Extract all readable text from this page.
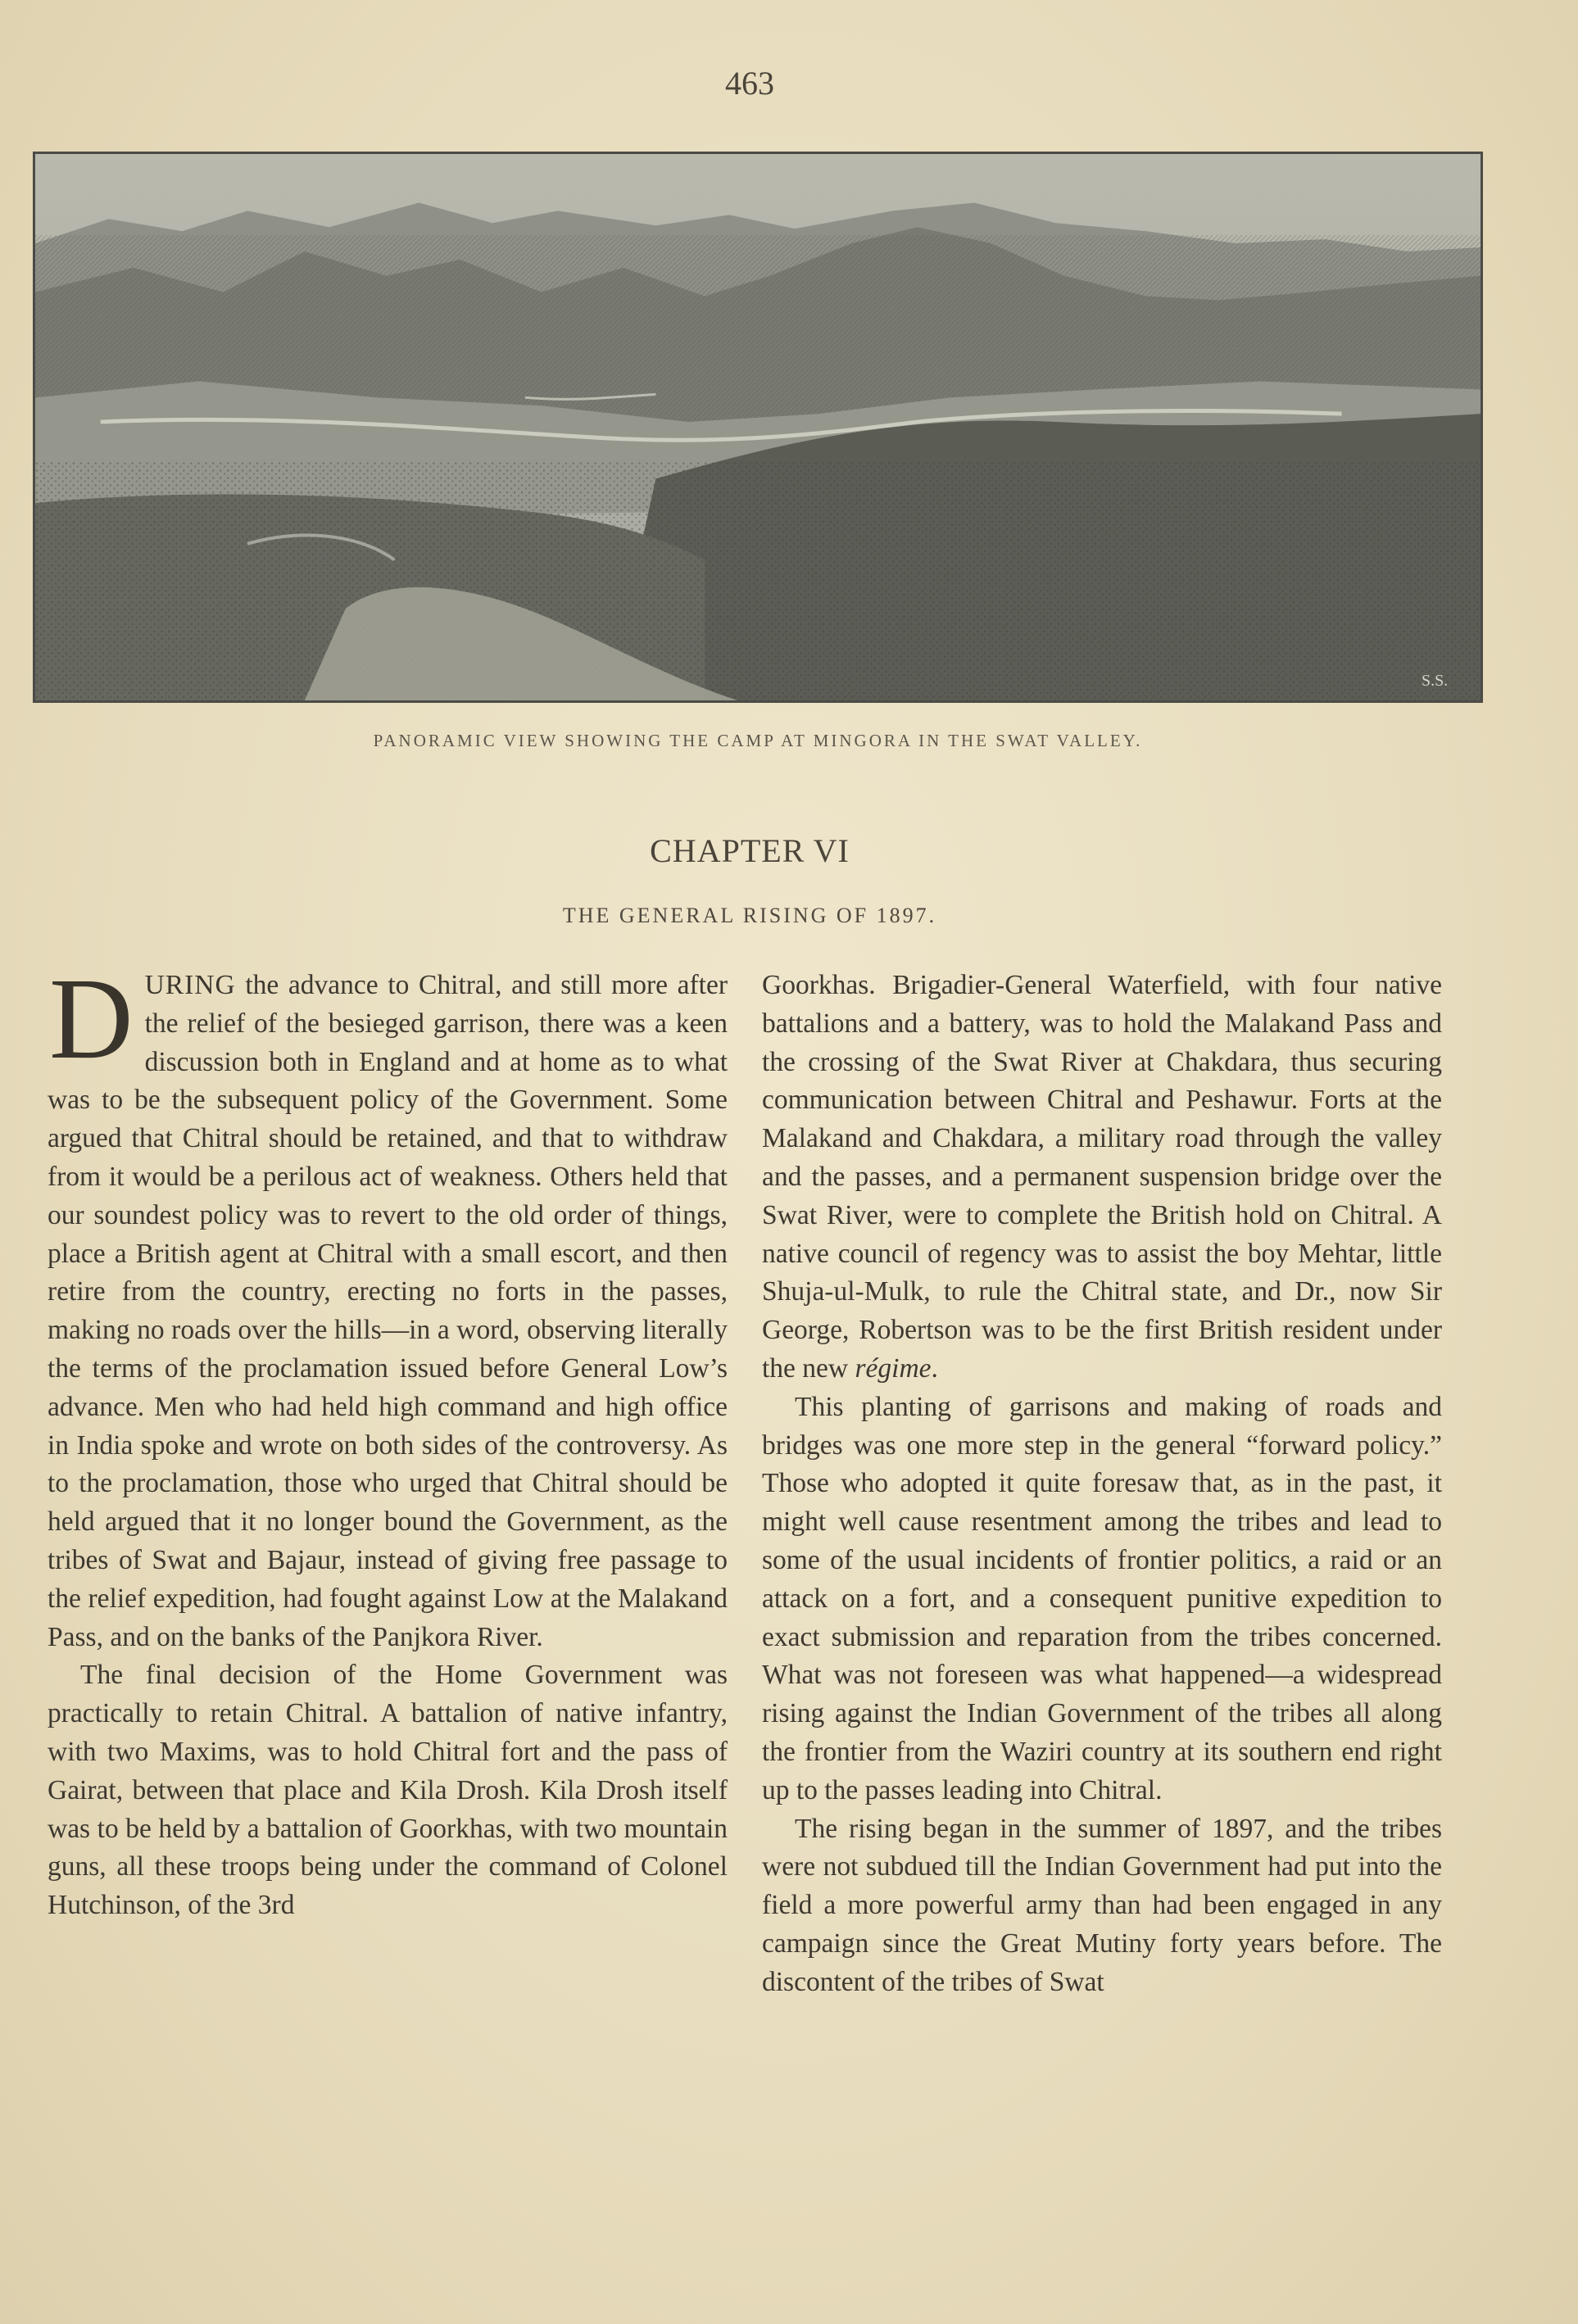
463
S.S.
PANORAMIC VIEW SHOWING THE CAMP AT MINGORA IN THE SWAT VALLEY.
CHAPTER VI
THE GENERAL RISING OF 1897.

DURING the advance to Chitral, and still more after the relief of the besieged garrison, there was a keen discussion both in England and at home as to what was to be the subsequent policy of the Government. Some argued that Chitral should be retained, and that to withdraw from it would be a perilous act of weakness. Others held that our soundest policy was to revert to the old order of things, place a British agent at Chitral with a small escort, and then retire from the country, erecting no forts in the passes, making no roads over the hills—in a word, observing literally the terms of the proclamation issued before General Low’s advance. Men who had held high command and high office in India spoke and wrote on both sides of the controversy. As to the proclamation, those who urged that Chitral should be held argued that it no longer bound the Government, as the tribes of Swat and Bajaur, instead of giving free passage to the relief expedition, had fought against Low at the Malakand Pass, and on the banks of the Panjkora River.

The final decision of the Home Government was practically to retain Chitral. A battalion of native infantry, with two Maxims, was to hold Chitral fort and the pass of Gairat, between that place and Kila Drosh. Kila Drosh itself was to be held by a battalion of Goorkhas, with two mountain guns, all these troops being under the command of Colonel Hutchinson, of the 3rd

Goorkhas. Brigadier-General Waterfield, with four native battalions and a battery, was to hold the Malakand Pass and the crossing of the Swat River at Chakdara, thus securing communication between Chitral and Peshawur. Forts at the Malakand and Chakdara, a military road through the valley and the passes, and a permanent suspension bridge over the Swat River, were to complete the British hold on Chitral. A native council of regency was to assist the boy Mehtar, little Shuja-ul-Mulk, to rule the Chitral state, and Dr., now Sir George, Robertson was to be the first British resident under the new régime.

This planting of garrisons and making of roads and bridges was one more step in the general “forward policy.” Those who adopted it quite foresaw that, as in the past, it might well cause resentment among the tribes and lead to some of the usual incidents of frontier politics, a raid or an attack on a fort, and a consequent punitive expedition to exact submission and reparation from the tribes concerned. What was not foreseen was what happened—a widespread rising against the Indian Government of the tribes all along the frontier from the Waziri country at its southern end right up to the passes leading into Chitral.

The rising began in the summer of 1897, and the tribes were not subdued till the Indian Government had put into the field a more powerful army than had been engaged in any campaign since the Great Mutiny forty years before. The discontent of the tribes of Swat
